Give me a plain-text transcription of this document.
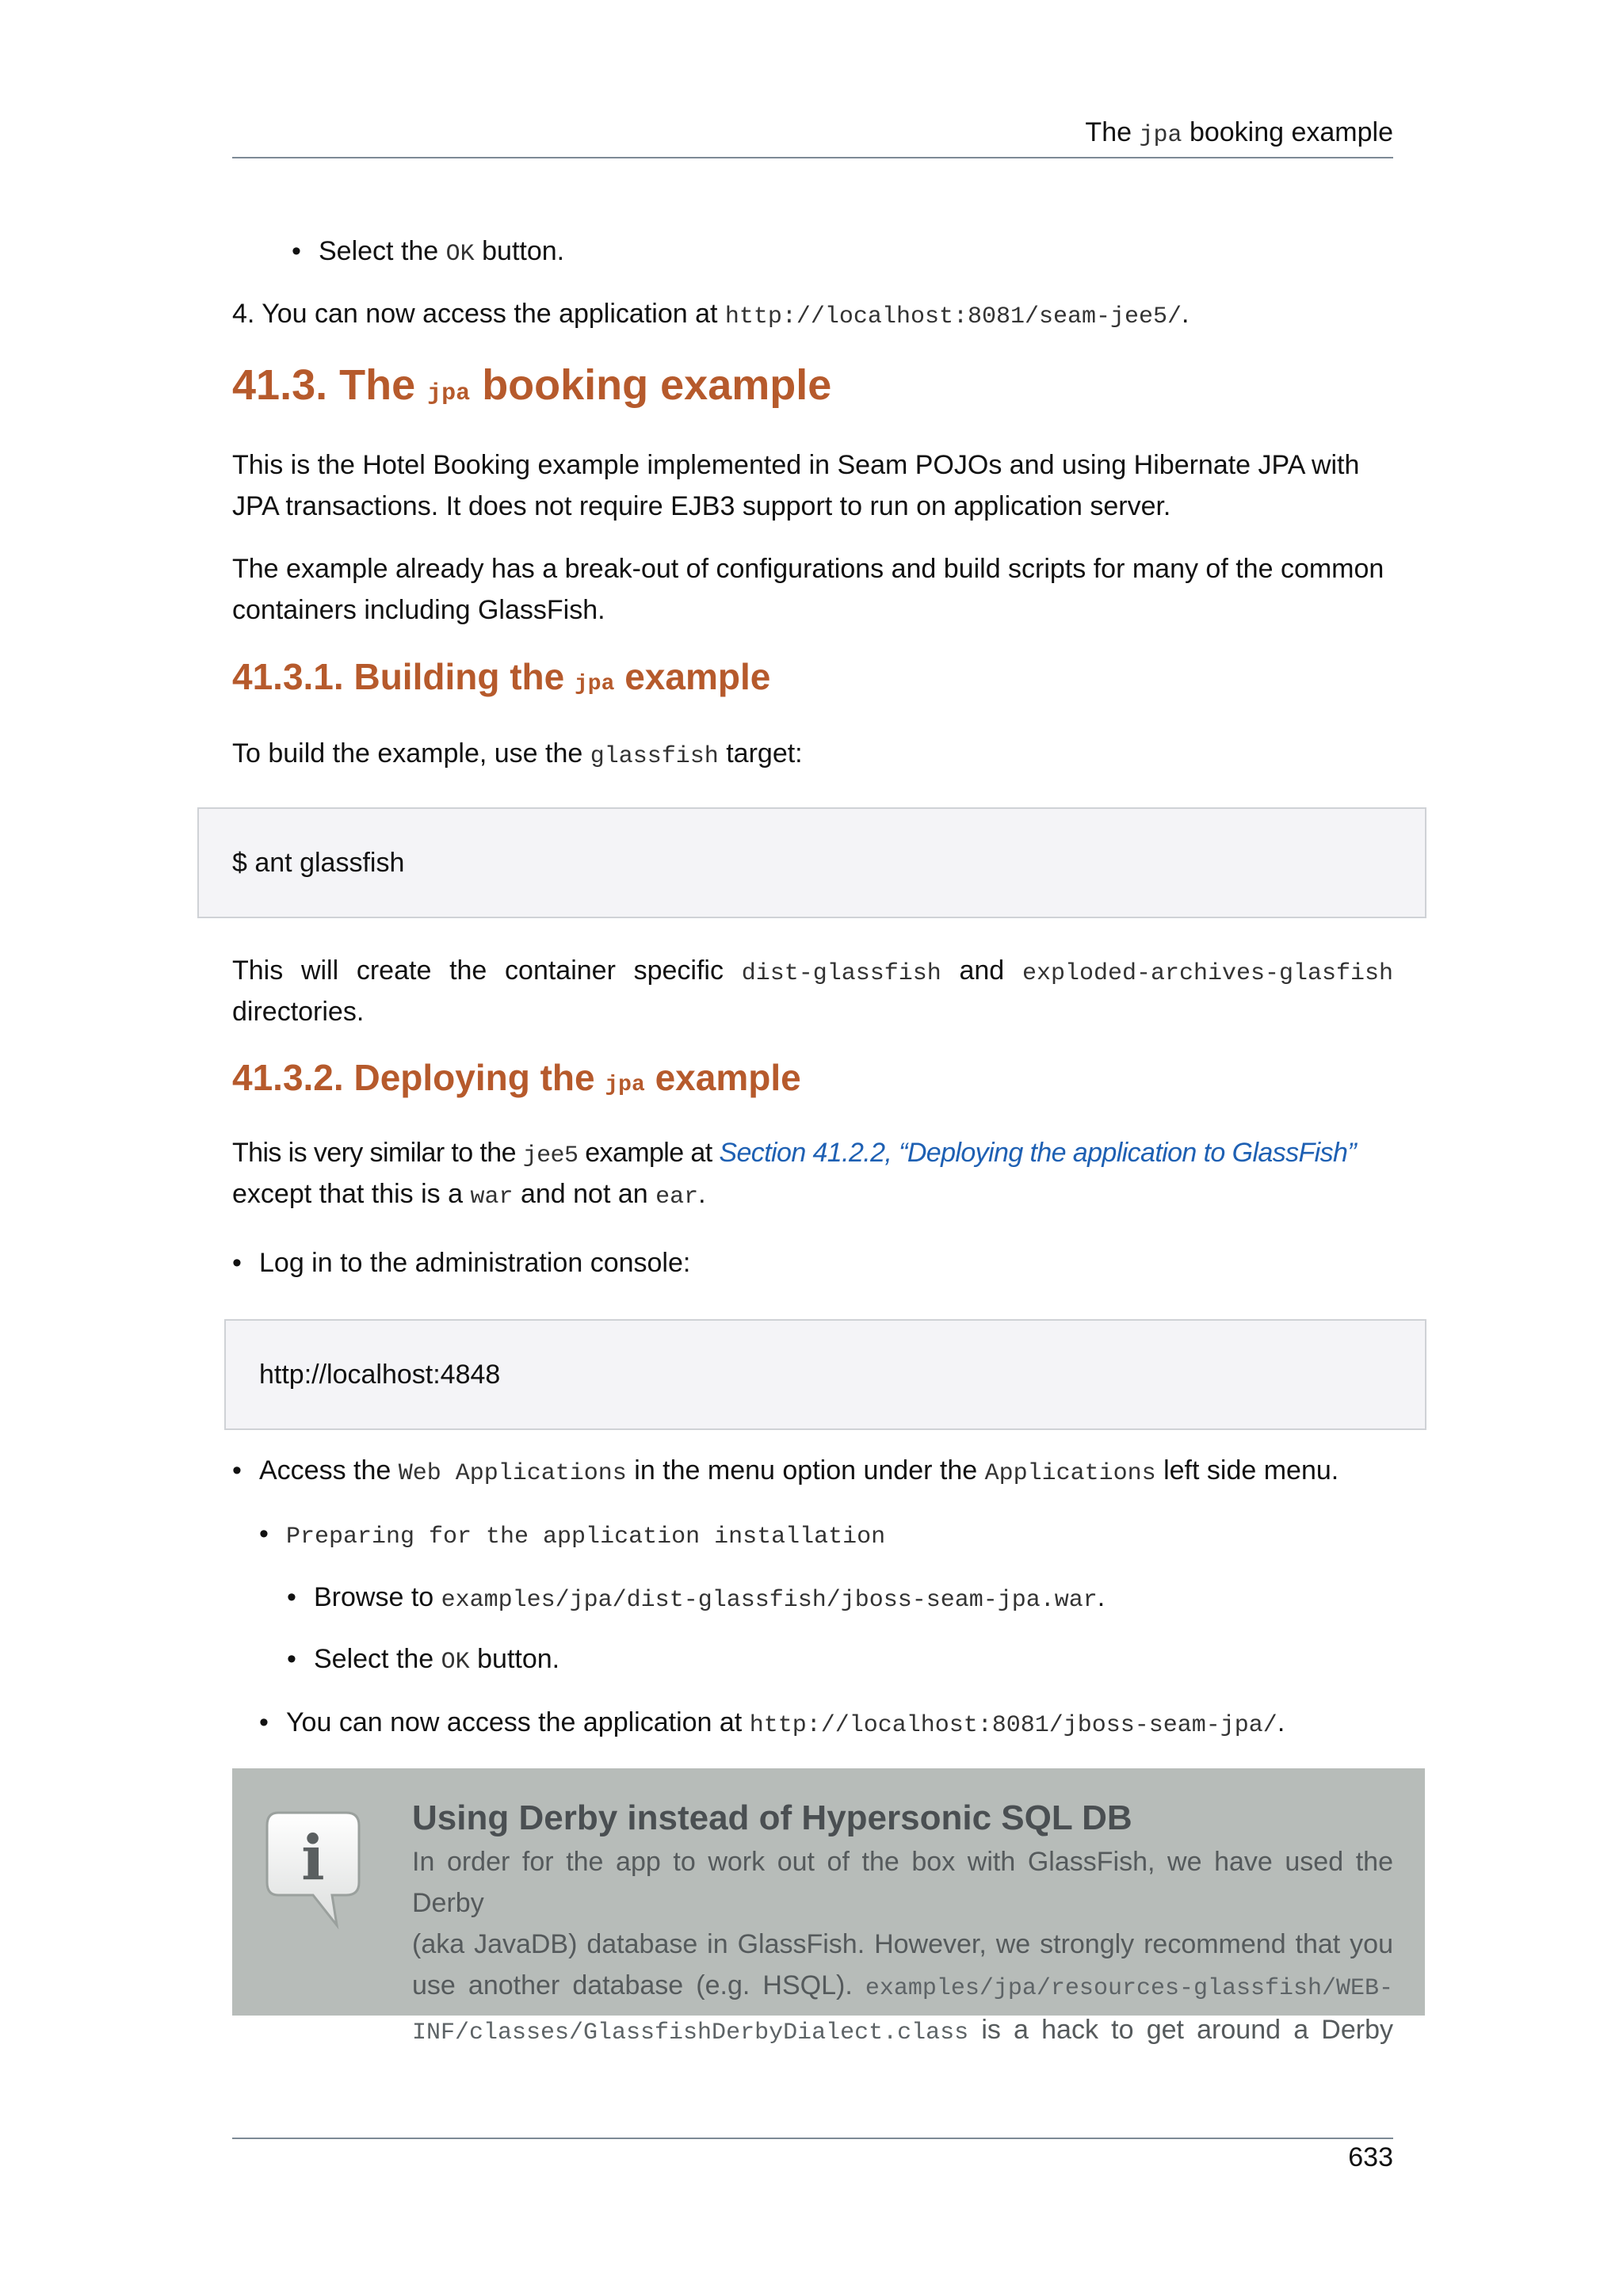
The jpa booking example
• Select the OK button.
4. You can now access the application at http://localhost:8081/seam-jee5/.
41.3. The jpa booking example
This is the Hotel Booking example implemented in Seam POJOs and using Hibernate JPA with JPA transactions. It does not require EJB3 support to run on application server.
The example already has a break-out of configurations and build scripts for many of the common containers including GlassFish.
41.3.1. Building the jpa example
To build the example, use the glassfish target:
$ ant glassfish
This will create the container specific dist-glassfish and exploded-archives-glasfish
directories.
41.3.2. Deploying the jpa example
This is very similar to the jee5 example at Section 41.2.2, “Deploying the application to GlassFish”
except that this is a war and not an ear.
• Log in to the administration console:
http://localhost:4848
• Access the Web Applications in the menu option under the Applications left side menu.
• Preparing for the application installation
• Browse to examples/jpa/dist-glassfish/jboss-seam-jpa.war.
• Select the OK button.
• You can now access the application at http://localhost:8081/jboss-seam-jpa/.
i
Using Derby instead of Hypersonic SQL DB
In order for the app to work out of the box with GlassFish, we have used the Derby
(aka JavaDB) database in GlassFish. However, we strongly recommend that you
use another database (e.g. HSQL). examples/jpa/resources-glassfish/WEB-
INF/classes/GlassfishDerbyDialect.class is a hack to get around a Derby
633
